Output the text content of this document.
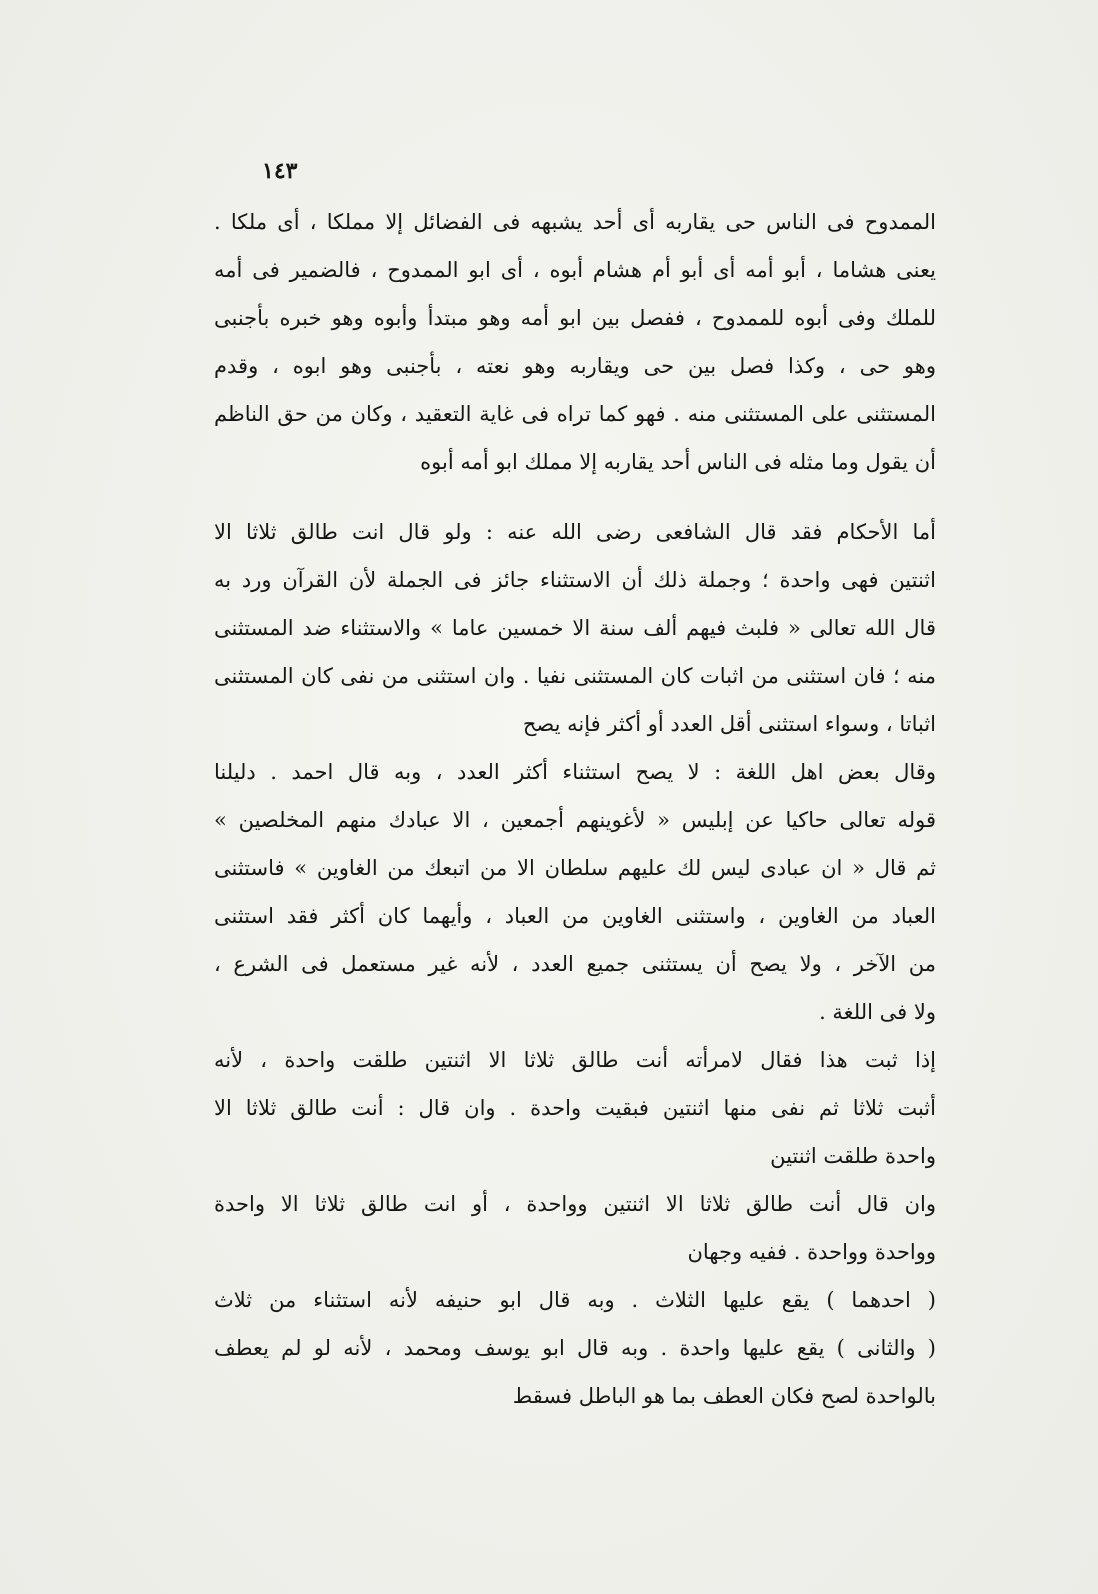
١٤٣

الممدوح فى الناس حى يقاربه أى أحد يشبهه فى الفضائل إلا مملكا ، أى ملكا .
يعنى هشاما ، أبو أمه أى أبو أم هشام أبوه ، أى ابو الممدوح ، فالضمير فى أمه
للملك وفى أبوه للممدوح ، ففصل بين ابو أمه وهو مبتدأ وأبوه وهو خبره بأجنبى
وهو حى ، وكذا فصل بين حى ويقاربه وهو نعته ، بأجنبى وهو ابوه ، وقدم
المستثنى على المستثنى منه . فهو كما تراه فى غاية التعقيد ، وكان من حق الناظم
أن يقول وما مثله فى الناس أحد يقاربه إلا مملك ابو أمه أبوه

أما الأحكام فقد قال الشافعى رضى الله عنه : ولو قال انت طالق ثلاثا الا
اثنتين فهى واحدة ؛ وجملة ذلك أن الاستثناء جائز فى الجملة لأن القرآن ورد به
قال الله تعالى « فلبث فيهم ألف سنة الا خمسين عاما » والاستثناء ضد المستثنى
منه ؛ فان استثنى من اثبات كان المستثنى نفيا . وان استثنى من نفى كان المستثنى
اثباتا ، وسواء استثنى أقل العدد أو أكثر فإنه يصح

وقال بعض اهل اللغة : لا يصح استثناء أكثر العدد ، وبه قال احمد . دليلنا
قوله تعالى حاكيا عن إبليس « لأغوينهم أجمعين ، الا عبادك منهم المخلصين »
ثم قال « ان عبادى ليس لك عليهم سلطان الا من اتبعك من الغاوين » فاستثنى
العباد من الغاوين ، واستثنى الغاوين من العباد ، وأيهما كان أكثر فقد استثنى
من الآخر ، ولا يصح أن يستثنى جميع العدد ، لأنه غير مستعمل فى الشرع ،
ولا فى اللغة .

إذا ثبت هذا فقال لامرأته أنت طالق ثلاثا الا اثنتين طلقت واحدة ، لأنه
أثبت ثلاثا ثم نفى منها اثنتين فبقيت واحدة . وان قال : أنت طالق ثلاثا الا
واحدة طلقت اثنتين

وان قال أنت طالق ثلاثا الا اثنتين وواحدة ، أو انت طالق ثلاثا الا واحدة
وواحدة وواحدة . ففيه وجهان

( احدهما ) يقع عليها الثلاث . وبه قال ابو حنيفه لأنه استثناء من ثلاث
( والثانى ) يقع عليها واحدة . وبه قال ابو يوسف ومحمد ، لأنه لو لم يعطف
بالواحدة لصح فكان العطف بما هو الباطل فسقط
